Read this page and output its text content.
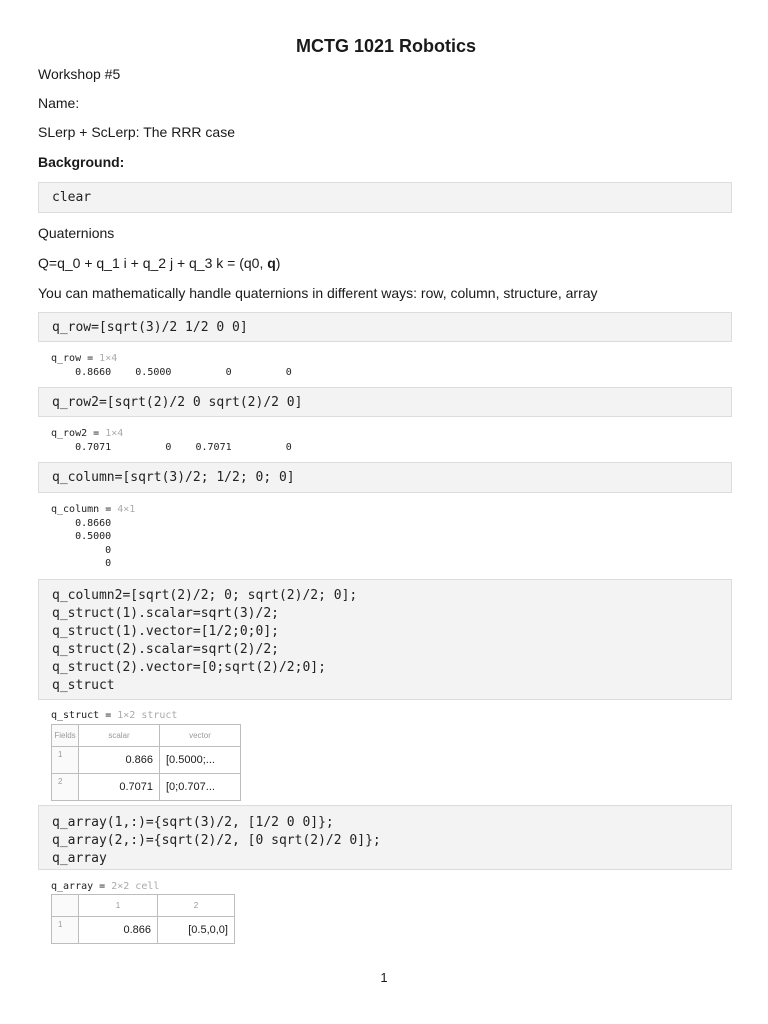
MCTG 1021 Robotics
Workshop #5
Name:
SLerp + ScLerp: The RRR case
Background:
clear
Quaternions
Q=q_0 + q_1 i + q_2 j + q_3 k = (q0, q)
You can mathematically handle quaternions in different ways: row, column, structure, array
q_row=[sqrt(3)/2 1/2 0 0]
q_row = 1×4
0.8660    0.5000         0         0
q_row2=[sqrt(2)/2 0 sqrt(2)/2 0]
q_row2 = 1×4
0.7071         0    0.7071         0
q_column=[sqrt(3)/2; 1/2; 0; 0]
q_column = 4×1
0.8660
0.5000
0
0
q_column2=[sqrt(2)/2; 0; sqrt(2)/2; 0];
q_struct(1).scalar=sqrt(3)/2;
q_struct(1).vector=[1/2;0;0];
q_struct(2).scalar=sqrt(2)/2;
q_struct(2).vector=[0;sqrt(2)/2;0];
q_struct
q_struct = 1×2 struct
Fields	scalar	vector
1	0.866	[0.5000;...
2	0.7071	[0;0.707...
q_array(1,:)={sqrt(3)/2, [1/2 0 0]};
q_array(2,:)={sqrt(2)/2, [0 sqrt(2)/2 0]};
q_array
q_array = 2×2 cell
	1	2
1	0.866	[0.5,0,0]
1
